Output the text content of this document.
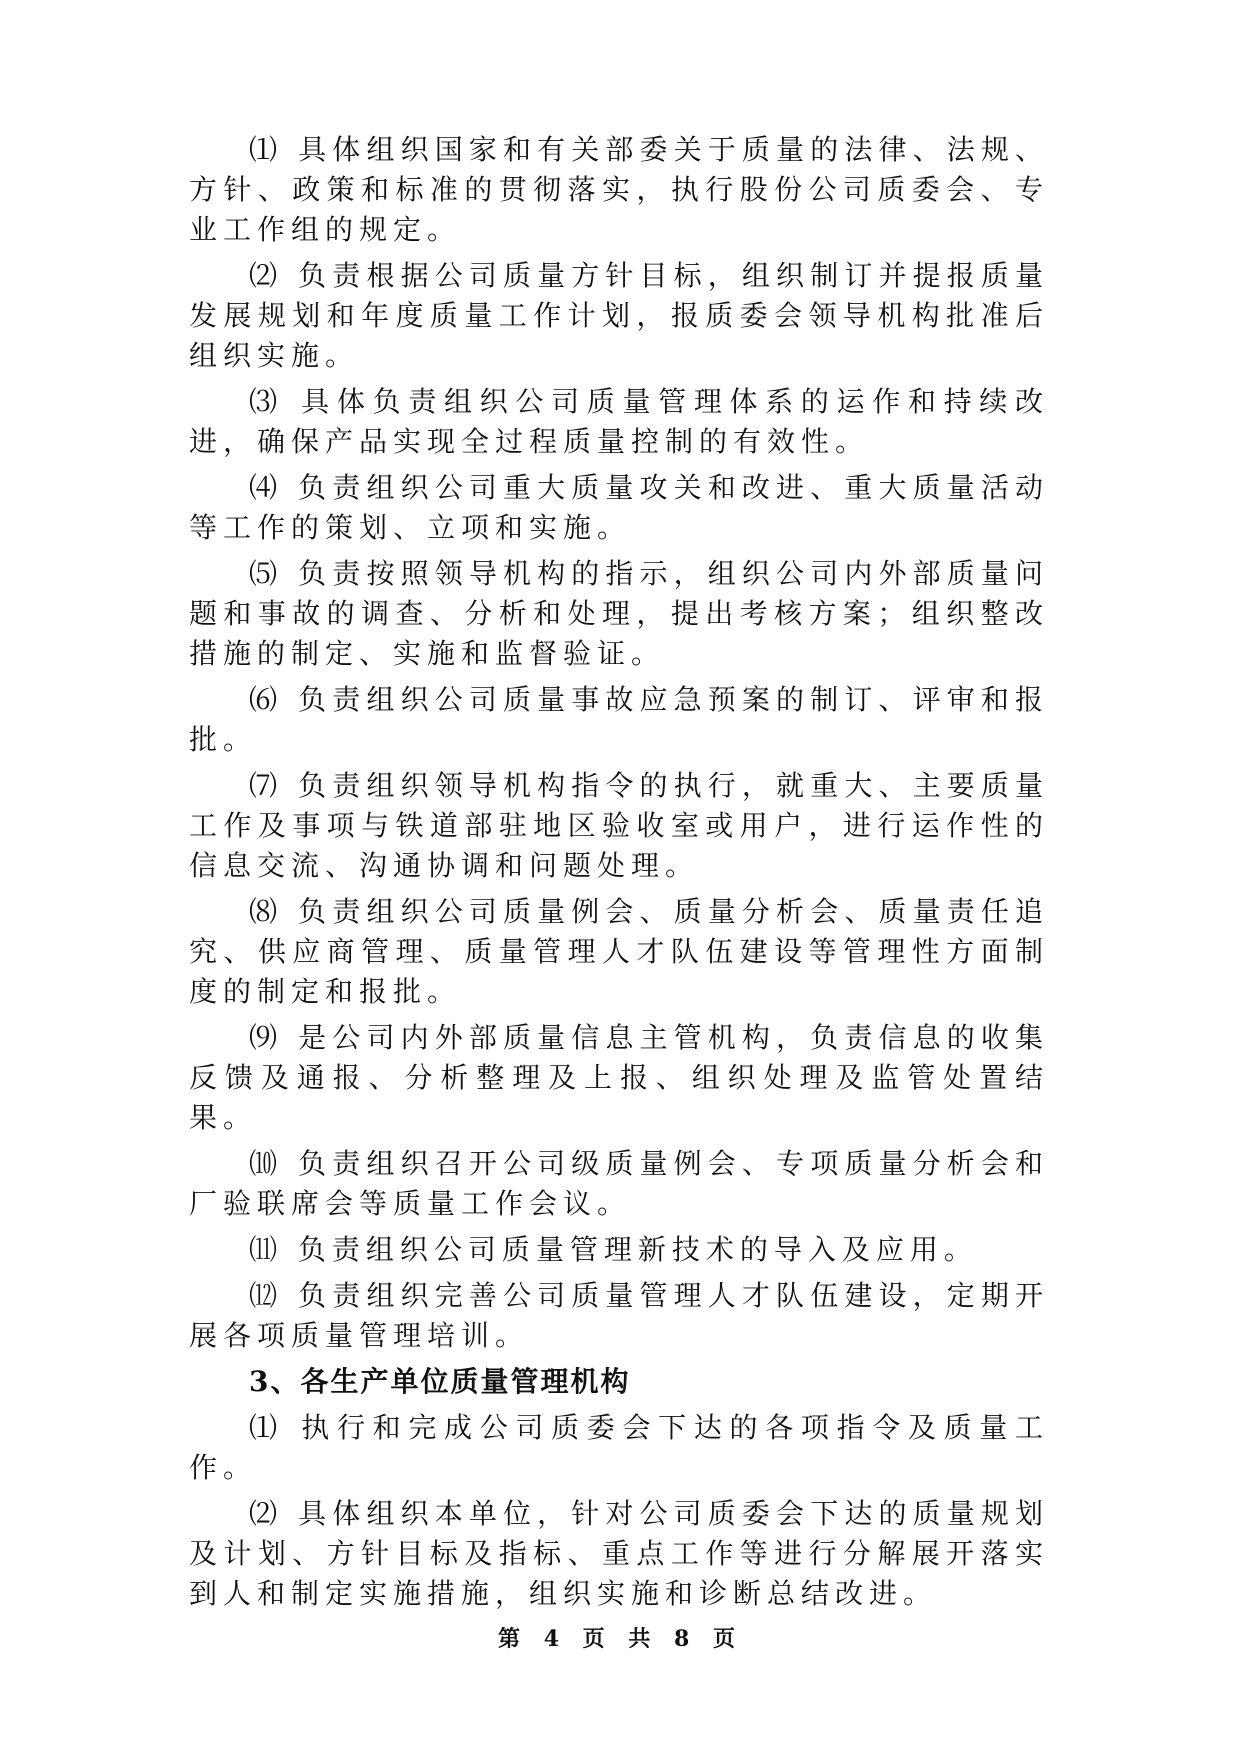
⑴ 具体组织国家和有关部委关于质量的法律、法规、方针、政策和标准的贯彻落实，执行股份公司质委会、专业工作组的规定。

⑵ 负责根据公司质量方针目标，组织制订并提报质量发展规划和年度质量工作计划，报质委会领导机构批准后组织实施。

⑶ 具体负责组织公司质量管理体系的运作和持续改进，确保产品实现全过程质量控制的有效性。

⑷ 负责组织公司重大质量攻关和改进、重大质量活动等工作的策划、立项和实施。

⑸ 负责按照领导机构的指示，组织公司内外部质量问题和事故的调查、分析和处理，提出考核方案；组织整改措施的制定、实施和监督验证。

⑹ 负责组织公司质量事故应急预案的制订、评审和报批。

⑺ 负责组织领导机构指令的执行，就重大、主要质量工作及事项与铁道部驻地区验收室或用户，进行运作性的信息交流、沟通协调和问题处理。

⑻ 负责组织公司质量例会、质量分析会、质量责任追究、供应商管理、质量管理人才队伍建设等管理性方面制度的制定和报批。

⑼ 是公司内外部质量信息主管机构，负责信息的收集反馈及通报、分析整理及上报、组织处理及监管处置结果。

⑽ 负责组织召开公司级质量例会、专项质量分析会和厂验联席会等质量工作会议。

⑾ 负责组织公司质量管理新技术的导入及应用。

⑿ 负责组织完善公司质量管理人才队伍建设，定期开展各项质量管理培训。

3、各生产单位质量管理机构

⑴ 执行和完成公司质委会下达的各项指令及质量工作。

⑵ 具体组织本单位，针对公司质委会下达的质量规划及计划、方针目标及指标、重点工作等进行分解展开落实到人和制定实施措施，组织实施和诊断总结改进。

第 4 页 共 8 页
